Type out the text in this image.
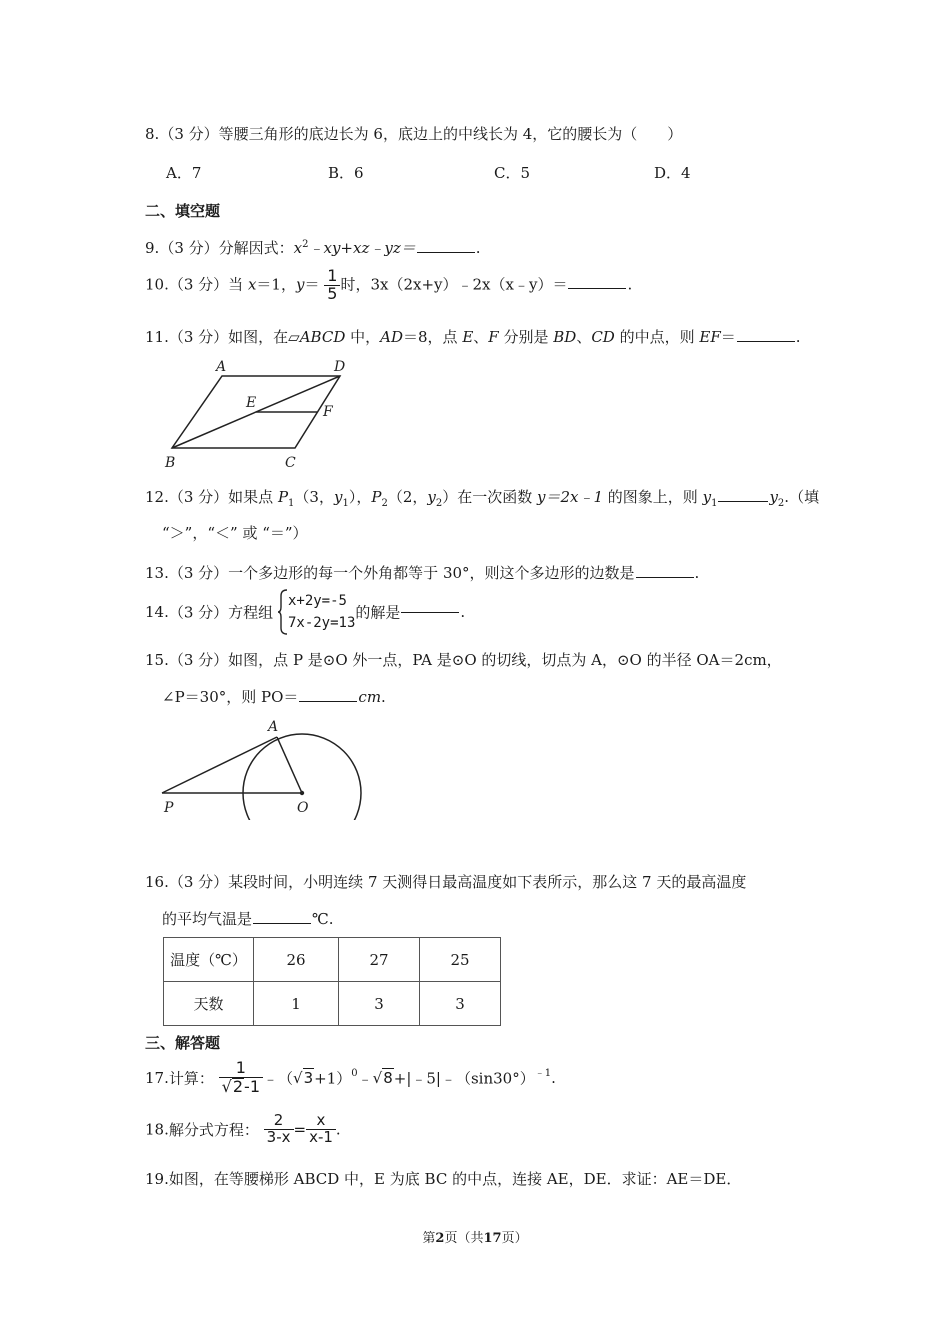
8.（3 分）等腰三角形的底边长为 6，底边上的中线长为 4，它的腰长为（　　）
A．7	B．6	C．5	D．4
二、填空题
9.（3 分）分解因式：$x^2﹣xy+xz﹣yz=$	.
10.（3 分）当 x＝1，$y= \frac{1}{5}$ 时，3x（2x+y）﹣2x（x﹣y）＝	.
11.（3 分）如图，在▱ABCD 中，AD＝8，点 E、F 分别是 BD、CD 的中点，则 EF＝	.
A	D
E
F
B	C
12.（3 分）如果点 $P_1(3$，$y_1$），$P_2(2$，$y_2$）在一次函数 y＝2x﹣1 的图象上，则 $y_1$	$y_2$.（填
“＞”，“＜” 或 “＝”）
13.（3 分）一个多边形的每一个外角都等于 30°，则这个多边形的边数是	.
14.（3 分）方程组
x+2y=-5
7x-2y=13
的解是	.
15.（3 分）如图，点 P 是⊙O 外一点，PA 是⊙O 的切线，切点为 A，⊙O 的半径 OA＝2cm，
∠P＝30°，则 PO＝	cm.
A
P	O
16.（3 分）某段时间，小明连续 7 天测得日最高温度如下表所示，那么这 7 天的最高温度
的平均气温是	℃.
温度（℃）	26	27	25
天数	1	3	3
三、解答题
17.计算： $\frac{1}{√2-1}$ $﹣(√3+1)^0﹣√8+|﹣5|﹣(\sin 30^\circ)^{﹣1}$.
18.解分式方程： $\frac{2}{3-x} = \frac{x}{x-1}$ .
19.如图，在等腰梯形 ABCD 中，E 为底 BC 的中点，连接 AE，DE．求证：AE＝DE．
第2页（共17页）
